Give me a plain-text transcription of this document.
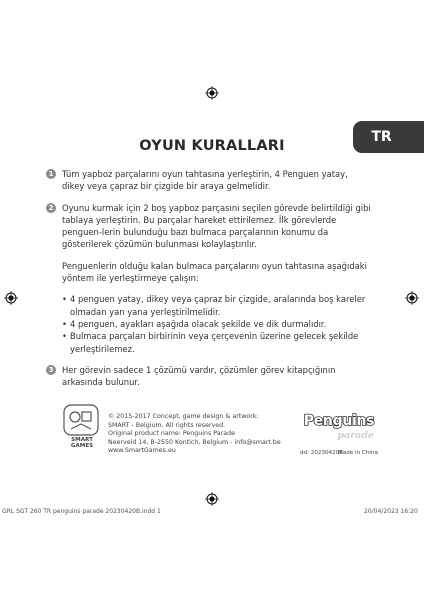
TR
OYUN KURALLARI
1	Tüm yapboz parçalarını oyun tahtasına yerleştirin, 4 Penguen yatay, dikey veya çapraz bir çizgide bir araya gelmelidir.
2	Oyunu kurmak için 2 boş yapboz parçasını seçilen görevde belirtildiği gibi tablaya yerleştirin. Bu parçalar hareket ettirilemez. İlk görevlerde penguen-lerin bulunduğu bazı bulmaca parçalarının konumu da gösterilerek çözümün bulunması kolaylaştırılır.
Penguenlerin olduğu kalan bulmaca parçalarını oyun tahtasına aşağıdaki yöntem ile yerleştirmeye çalışın:
• 4 penguen yatay, dikey veya çapraz bir çizgide, aralarında boş kareler olmadan yan yana yerleştirilmelidir.
• 4 penguen, ayakları aşağıda olacak şekilde ve dik durmalıdır.
• Bulmaca parçaları birbirinin veya çerçevenin üzerine gelecek şekilde yerleştirilemez.
3	Her görevin sadece 1 çözümü vardır, çözümler görev kitapçığının arkasında bulunur.
SMART
GAMES
© 2015-2017 Concept, game design & artwork:
SMART - Belgium. All rights reserved.
Original product name: Penguins Parade
Neerveld 14, B-2550 Kontich, Belgium - info@smart.be
www.SmartGames.eu
Penguins
parade
dd: 202304208
Made in China
GRL SGT 260 TR penguins parade 20230420B.indd 1	20/04/2023 16:20
